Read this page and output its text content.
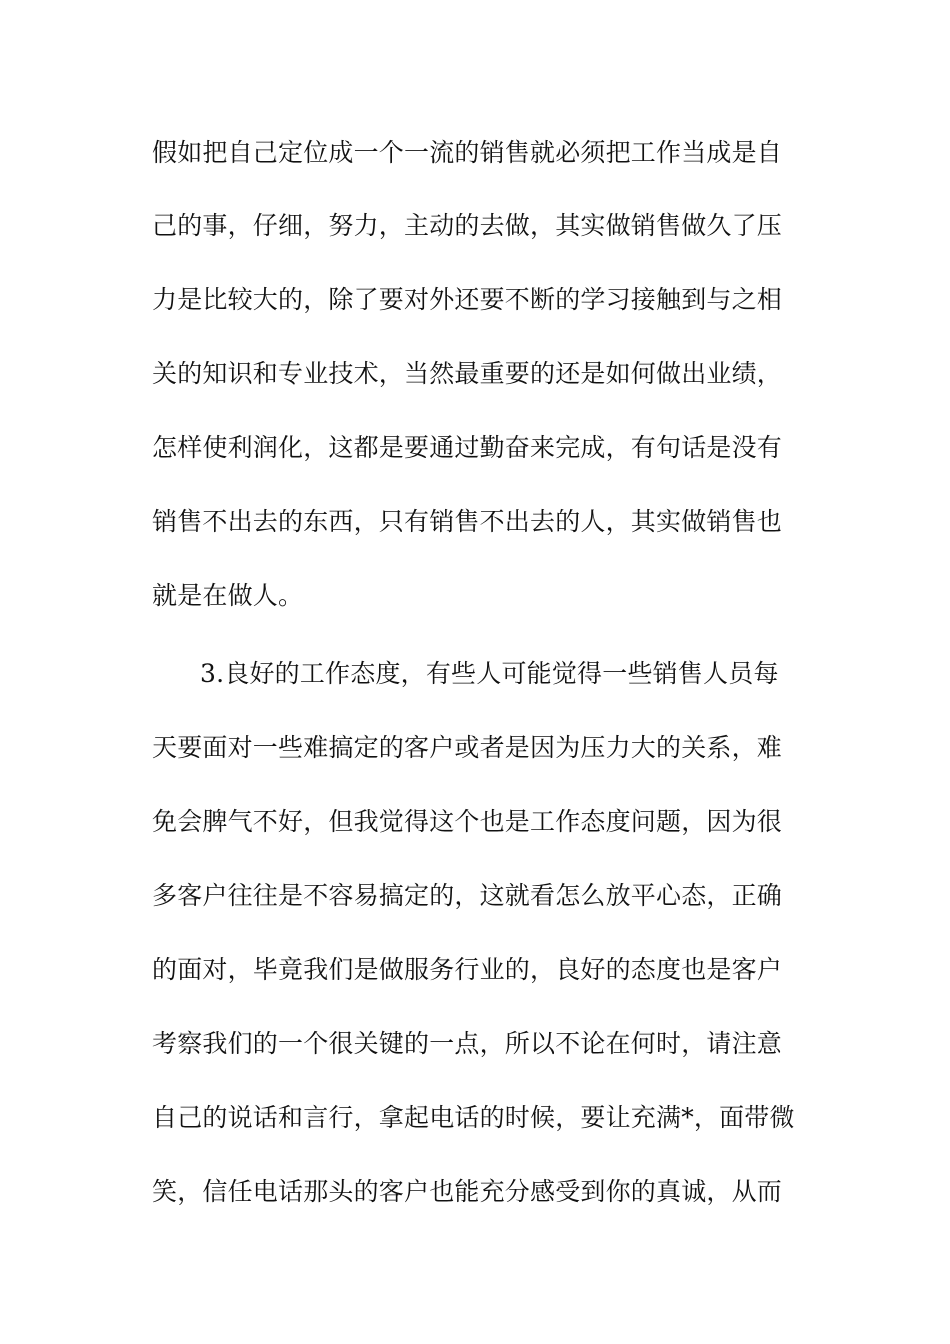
假如把自己定位成一个一流的销售就必须把工作当成是自
己的事，仔细，努力，主动的去做，其实做销售做久了压
力是比较大的，除了要对外还要不断的学习接触到与之相
关的知识和专业技术，当然最重要的还是如何做出业绩，
怎样使利润化，这都是要通过勤奋来完成，有句话是没有
销售不出去的东西，只有销售不出去的人，其实做销售也
就是在做人。
3.良好的工作态度，有些人可能觉得一些销售人员每
天要面对一些难搞定的客户或者是因为压力大的关系，难
免会脾气不好，但我觉得这个也是工作态度问题，因为很
多客户往往是不容易搞定的，这就看怎么放平心态，正确
的面对，毕竟我们是做服务行业的，良好的态度也是客户
考察我们的一个很关键的一点，所以不论在何时，请注意
自己的说话和言行，拿起电话的时候，要让充满*，面带微
笑，信任电话那头的客户也能充分感受到你的真诚，从而
